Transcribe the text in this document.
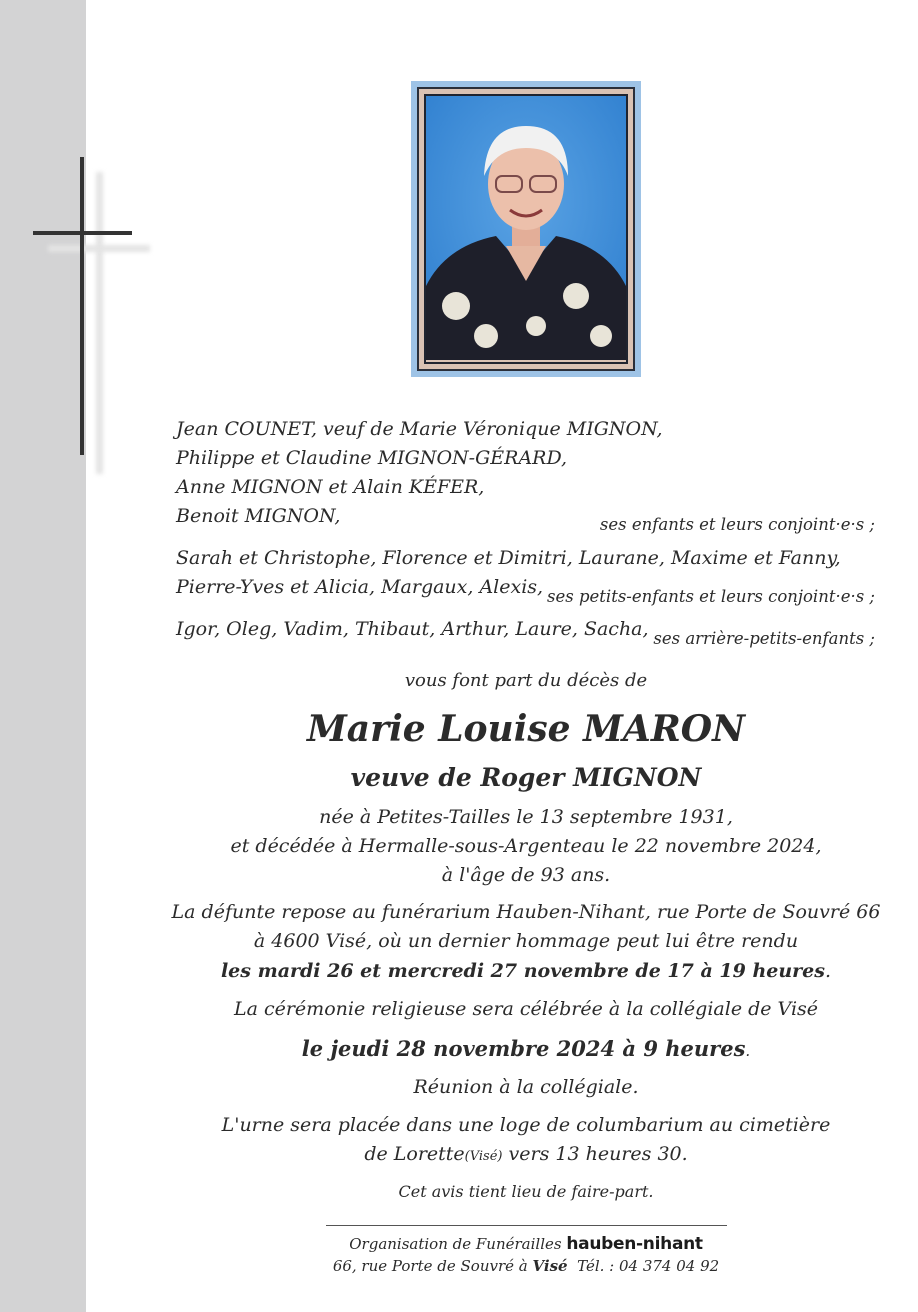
Jean COUNET, veuf de Marie Véronique MIGNON,
Philippe et Claudine MIGNON-GÉRARD,
Anne MIGNON et Alain KÉFER,
Benoit MIGNON,	ses enfants et leurs conjoint·e·s ;
Sarah et Christophe, Florence et Dimitri, Laurane, Maxime et Fanny,
Pierre-Yves et Alicia, Margaux, Alexis, ses petits-enfants et leurs conjoint·e·s ;
Igor, Oleg, Vadim, Thibaut, Arthur, Laure, Sacha, ses arrière-petits-enfants ;
vous font part du décès de
Marie Louise MARON
veuve de Roger MIGNON
née à Petites-Tailles le 13 septembre 1931,
et décédée à Hermalle-sous-Argenteau le 22 novembre 2024,
à l'âge de 93 ans.
La défunte repose au funérarium Hauben-Nihant, rue Porte de Souvré 66
à 4600 Visé, où un dernier hommage peut lui être rendu
les mardi 26 et mercredi 27 novembre de 17 à 19 heures.
La cérémonie religieuse sera célébrée à la collégiale de Visé
le jeudi 28 novembre 2024 à 9 heures.
Réunion à la collégiale.
L'urne sera placée dans une loge de columbarium au cimetière
de Lorette(Visé) vers 13 heures 30.
Cet avis tient lieu de faire-part.
Organisation de Funérailles hauben-nihant
66, rue Porte de Souvré à Visé  Tél. : 04 374 04 92
